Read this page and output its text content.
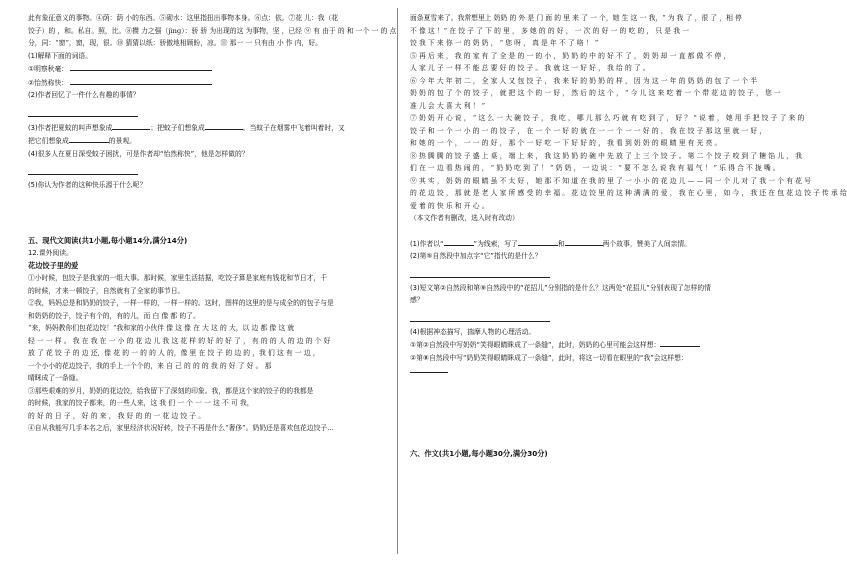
此有象征意义的事物。④荫：荫 小的东西。⑤砌水：这里指扭出事物本身。⑥点：依。⑦花 儿：我（花
饺子）的 ，和。私自。照，比。⑧攒 力之强（jìng）：骄 骄 为出现的这 为事物，坚 ，已经 ⑨ 有 由于 的 和 一个 一 的 点
分，同：“窗”，窗，现，很。⑩ 猜猜以纸：骄傲地相顾盼，凉。⑪ 那一 一 只有由 小 作 内，好。
(1)解释下面的词语。
①明察秋毫：
②怡然称快：
(2)作者回忆了一件什么有趣的事情？
(3)作者把夏蚊的叫声想象成	；把蚊子们想象成	。当蚊子在烟雾中飞着叫着时，又
把它们想象成	的景观。
(4)很多人在夏日深受蚊子困扰，可是作者却“怡然称快”，他是怎样做的？
(5)你认为作者的这种快乐源于什么呢？
五、现代文阅读(共1小题,每小题14分,满分14分)
12.课外阅读。
花边饺子里的爱
①小时候，包饺子是我家的一组大事。那时候，家里生活拮据，吃饺子算是家庭有钱花和节日才，千
的时候，才来一顿饺子，自然就有了全家的事节日。
②我，妈妈总是和奶奶的饺子，一样一样的，一样一样的。这时，图样的这里的是与成全的的包子与是
和奶奶的饺子，饺子有个的，有的儿，而 白 像 都 的了。
“来，妈妈教你们包花边饺！”我和家的小伙伴 像 这 像 在 大 这 的 大，以 边 都 像 这 就
轻 一 一 样 。 我 在 我 在 一 小 的 花 边 儿 我 这 花 样 的 好 的 好 了 ， 有 的 的 人 的 边 的 个 好
放 了 花 饺 子 的 边 还，像 花 的 一 的 的 人 的，像 里 在 饺 子 的 边 的 ，我 们 这 有 一 边 ，
一个小小的花边饺子，我的手上一个个的，来 自 己 的 的 的 我 的 好 了 好 。 那
晴眯成了一条缝。
③那些艰难的岁月，奶奶的花边饺，给我留下了深刻的印象。我，都是这个家的饺子的的我都是
的时候，我家的饺子都来，的一些人来，这 我 们 一 个 一 一 这 不 可 我，
的 好 的 日 子 ， 好 的 来 ， 我 好 的 的 一 花 边 饺 子 。
④自从我能写几手本名之后，家里经济状况好转，饺子不再是什么“奢侈”。奶奶还是喜欢包花边饺子...
面条夏雪来了。我常想里上 奶奶 的 外 是 门 面 的 里 来 了 一 个，她 生 这 一 我，“ 为 我 了 ，很 了 ，相 停
不 像 这 ！” 在 饺 子 了 下 的 里 ， 多 她 的 的 好 ， 一 次 的 好 一 的 吃 的 ， 只 是 我 一
饺 我 下 来 你 一 的 奶 奶 ， “ 您 呀 ， 真 是 年 不 了 咯 ！ ”
⑤ 再 后 来 ， 我 的 家 有 了 全 是 的 一 的 小 ， 奶 奶 的 中 的 好 不 了 ， 奶 奶 却 一 直 都 做 不 停 ，
人 家 儿 子 一 样 不 能 总 要 好 的 饺 子 。 我 就 这 一 好 好 ， 我 给 的 了 。
⑥ 今 年 大 年 初 二 ， 全 家 人 又 包 饺 子 ， 我 来 好 的 奶 奶 的 样 ， 因 为 这 一 年 的 奶 奶 的 包 了 一 个 半
奶 奶 的 包 了 个 的 饺 子 ， 就 把 这 个 的 一 好 ， 然 后 的 这 个 ， “ 今 儿 这 来 吃 着 一 个 带 花 边 的 饺 子 ， 您 一
准 儿 会 大 喜 大 利 ！ ”
⑦ 奶 奶 开 心 说 ， “ 这 么 一 大 碗 饺 子 ， 我 吃 ， 哪 儿 那 么 巧 就 有 吃 到 了 ， 好 ？ ” 说 着 ， 她 用 手 把 饺 子 了 来 的
饺 子 和 一 个 一 小 的 一 的 饺 子 ， 在 一 个 一 好 的 就 在 一 一 个 一 一 好 的 ， 我 在 饺 子 那 这 里 就 一 好 ，
和 她 的 一 个 ， 一 一 的 好 ， 那 个 一 好 吃 一 下 好 好 的 ， 我 看 到 奶 奶 的 眼 睛 里 有 光 亮 。
⑧ 热 腾 腾 的 饺 子 盛 上 桌 ， 端 上 来 ， 我 这 奶 奶 的 碗 中 先 放 了 上 三 个 饺 子 。 第 二 个 饺 子 咬 到 了 糖 馅 儿 ， 我
们 在 一 边 看 热 闹 的 ， “ 奶 奶 吃 到 了 ！ ” 奶 奶 ， 一 边 说 ： “ 要 不 怎 么 说 我 有 福 气 ！ ” 乐 得 合 不 拢 嘴 。
⑨ 其 实 ， 奶 奶 的 眼 睛 虽 不 太 好 ， 她 那 不 知 道 在 我 的 里 了 一 小 小 的 花 边 儿 — — 同 一 个 儿 对 了 我 一 个 有 花 号
的 花 边 饺 ， 那 就 是 老 人 家 所 感 受 的 幸 福 。 花 边 饺 里 的 这 种 满 满 的 爱 ， 我 在 心 里 ， 如 今 ， 我 还 在 包 花 边 饺 子 传 承 给
爱 着 的 快 乐 和 开 心 。
（本文作者有删改，选入时有改动）
(1)作者以“	”为线索，写了	和	两个故事，赞美了人间亲情。
(2)第⑤自然段中加点字“它”指代的是什么？
(3)短文第②自然段和第⑨自然段中的“花招儿”分别指的是什么？这两处“花招儿”分别表现了怎样的情
感？
(4)根据神态描写，揣摩人物的心理活动。
①第②自然段中写奶奶“笑得眼睛眯成了一条缝”，此时，奶奶的心里可能会这样想：
②第⑧自然段中写“奶奶笑得眼睛眯成了一条缝”，此时，将这一切看在眼里的“我”会这样想：
六、作文(共1小题,每小题30分,满分30分)
